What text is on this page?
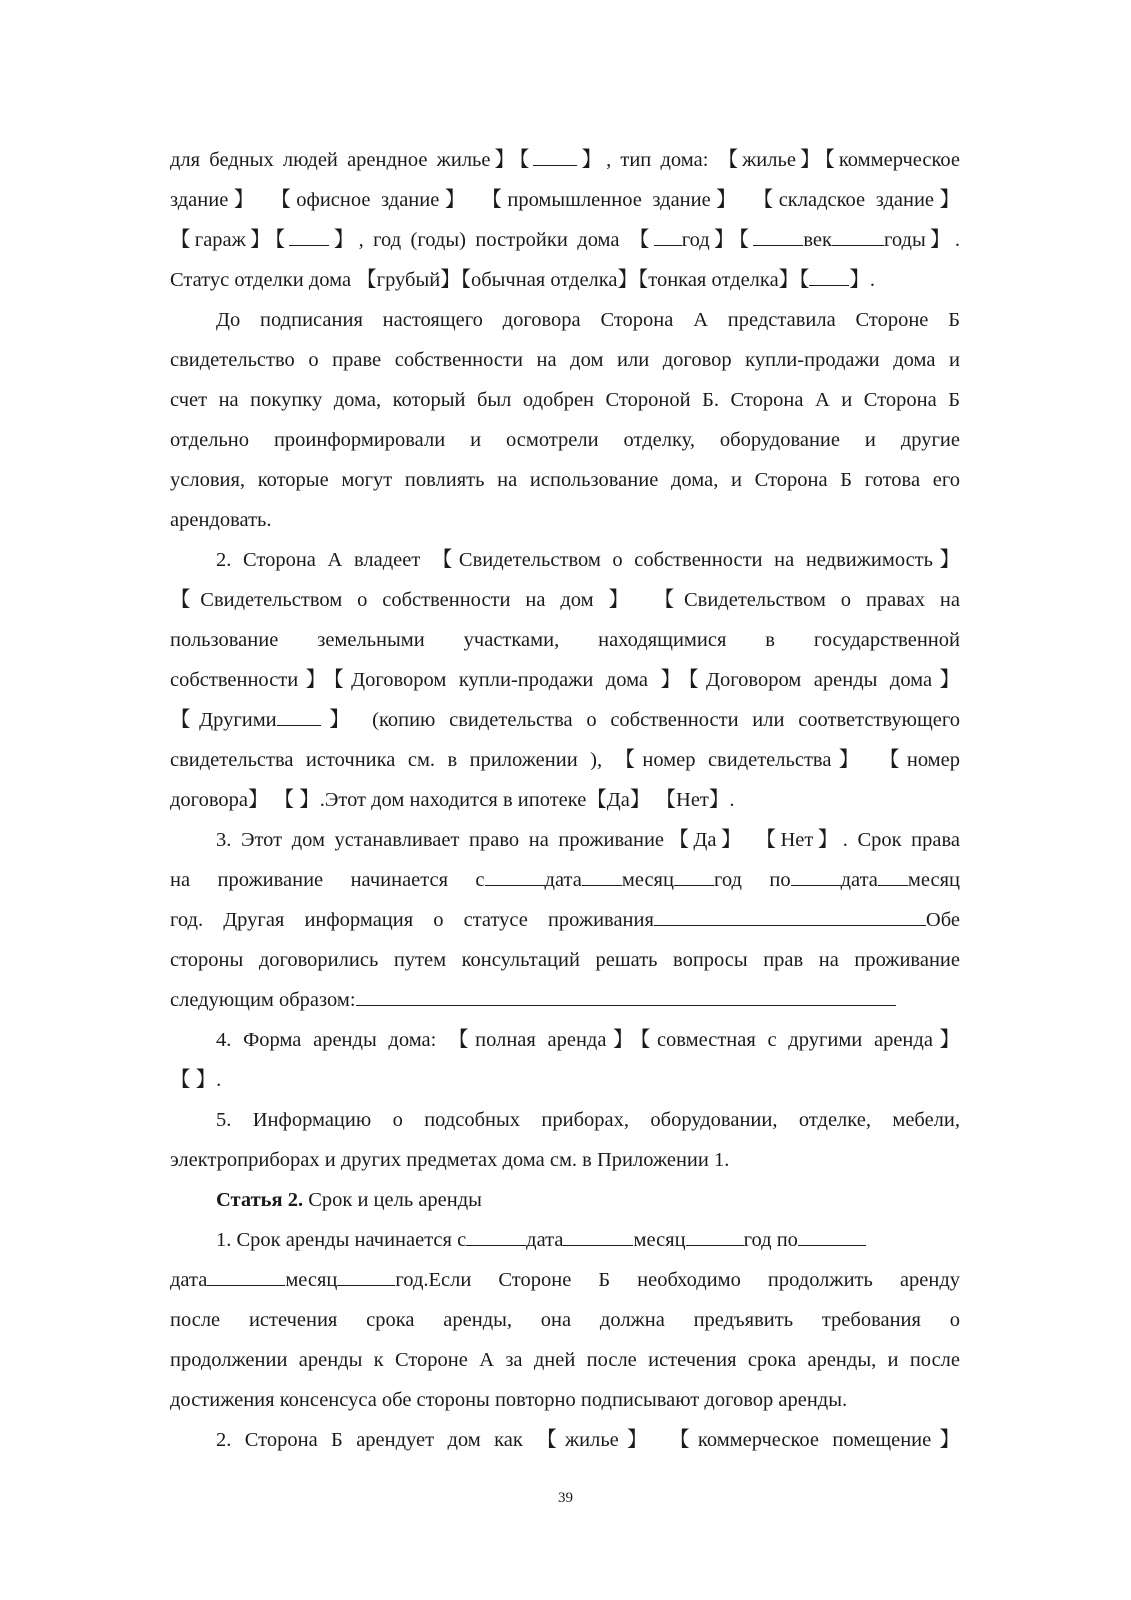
для бедных людей арендное жилье】【 】, тип дома: 【жилье】【коммерческое
здание】 【офисное здание】 【промышленное здание】 【складское здание】
【гараж】【 】, год (годы) постройки дома 【 год】【 век	годы】.
Статус отделки дома 【грубый】【обычная отделка】【тонкая отделка】【 】.
До подписания настоящего договора Сторона А представила Стороне Б
свидетельство о праве собственности на дом или договор купли-продажи дома и
счет на покупку дома, который был одобрен Стороной Б. Сторона А и Сторона Б
отдельно проинформировали и осмотрели отделку, оборудование и другие
условия, которые могут повлиять на использование дома, и Сторона Б готова его
арендовать.
2. Сторона А владеет 【Свидетельством о собственности на недвижимость】
【Свидетельством о собственности на дом 】 【Свидетельством о правах на
пользование земельными участками, находящимися в государственной
собственности】【Договором купли-продажи дома 】【Договором аренды дома】
【Другими 】 (копию свидетельства о собственности или соответствующего
свидетельства источника см. в приложении ), 【номер свидетельства】 【номер
договора】 【 】.Этот дом находится в ипотеке【Да】 【Нет】.
3. Этот дом устанавливает право на проживание【Да】 【Нет】. Срок права
на проживание начинается с	дата месяц год по дата месяц
год. Другая информация о статусе проживания	Обе
стороны договорились путем консультаций решать вопросы прав на проживание
следующим образом:
4. Форма аренды дома: 【полная аренда】【совместная с другими аренда】
【 】.
5. Информацию о подсобных приборах, оборудовании, отделке, мебели,
электроприборах и других предметах дома см. в Приложении 1.
Статья 2. Срок и цель аренды
1. Срок аренды начинается с	дата	месяц	год по
дата	месяц	год.Если Стороне Б необходимо продолжить аренду
после истечения срока аренды, она должна предъявить требования о
продолжении аренды к Стороне А за дней после истечения срока аренды, и после
достижения консенсуса обе стороны повторно подписывают договор аренды.
2. Сторона Б арендует дом как 【жилье】 【коммерческое помещение】
39
